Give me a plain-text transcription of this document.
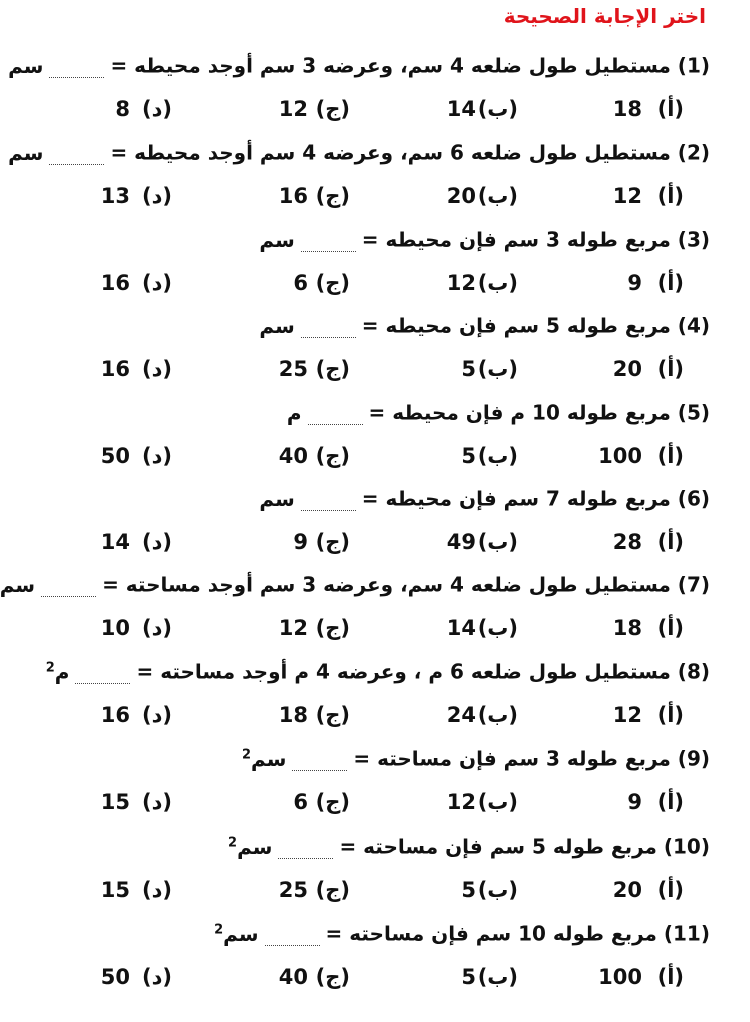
اختر الإجابة الصحيحة
(1) مستطيل طول ضلعه 4 سم، وعرضه 3 سم أوجد محيطه =سم
(أ)
18
(ب)
14
(ج)
12
(د)
8
(2) مستطيل طول ضلعه 6 سم، وعرضه 4 سم أوجد محيطه =سم
(أ)
12
(ب)
20
(ج)
16
(د)
13
(3) مربع طوله 3 سم فإن محيطه =سم
(أ)
9
(ب)
12
(ج)
6
(د)
16
(4) مربع طوله 5 سم فإن محيطه =سم
(أ)
20
(ب)
5
(ج)
25
(د)
16
(5) مربع طوله 10 م فإن محيطه =م
(أ)
100
(ب)
5
(ج)
40
(د)
50
(6) مربع طوله 7 سم فإن محيطه =سم
(أ)
28
(ب)
49
(ج)
9
(د)
14
(7) مستطيل طول ضلعه 4 سم، وعرضه 3 سم أوجد مساحته =سم
(أ)
18
(ب)
14
(ج)
12
(د)
10
(8) مستطيل طول ضلعه 6 م ، وعرضه 4 م أوجد مساحته =م$^2$
(أ)
12
(ب)
24
(ج)
18
(د)
16
(9) مربع طوله 3 سم فإن مساحته =سم$^2$
(أ)
9
(ب)
12
(ج)
6
(د)
15
(10) مربع طوله 5 سم فإن مساحته =سم$^2$
(أ)
20
(ب)
5
(ج)
25
(د)
15
(11) مربع طوله 10 سم فإن مساحته =سم$^2$
(أ)
100
(ب)
5
(ج)
40
(د)
50
